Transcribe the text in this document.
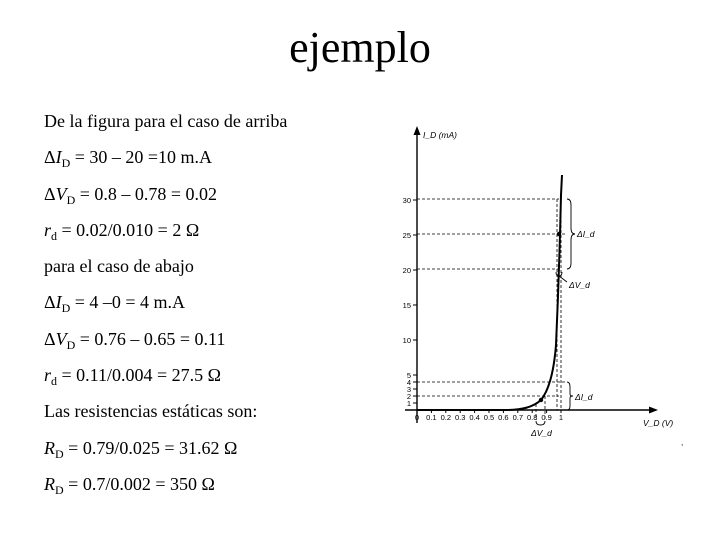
ejemplo
De la figura para el caso de arriba
$\Delta I_D = 30 - 20 =10$ m.A
$\Delta V_D = 0.8 - 0.78 = 0.02$
$r_d = 0.02/0.010 = 2$ Ω
para el caso de abajo
$\Delta I_D = 4$ –0 = 4 m.A
$\Delta V_D = 0.76 - 0.65 = 0.11$
$r_d = 0.11/0.004 = 27.5$ Ω
Las resistencias estáticas son:
$R_D = 0.79/0.025 = 31.62$ Ω
$R_D = 0.7/0.002 = 350$ Ω
I_D (mA)
V_D (V)
1
2
3
4
5
10
15
20
25
30
0 0.1 0.2 0.3 0.4 0.5 0.6 0.7 0.8 0.9 1
ΔI_d
ΔV_d
ΔI_d
ΔV_d
,
